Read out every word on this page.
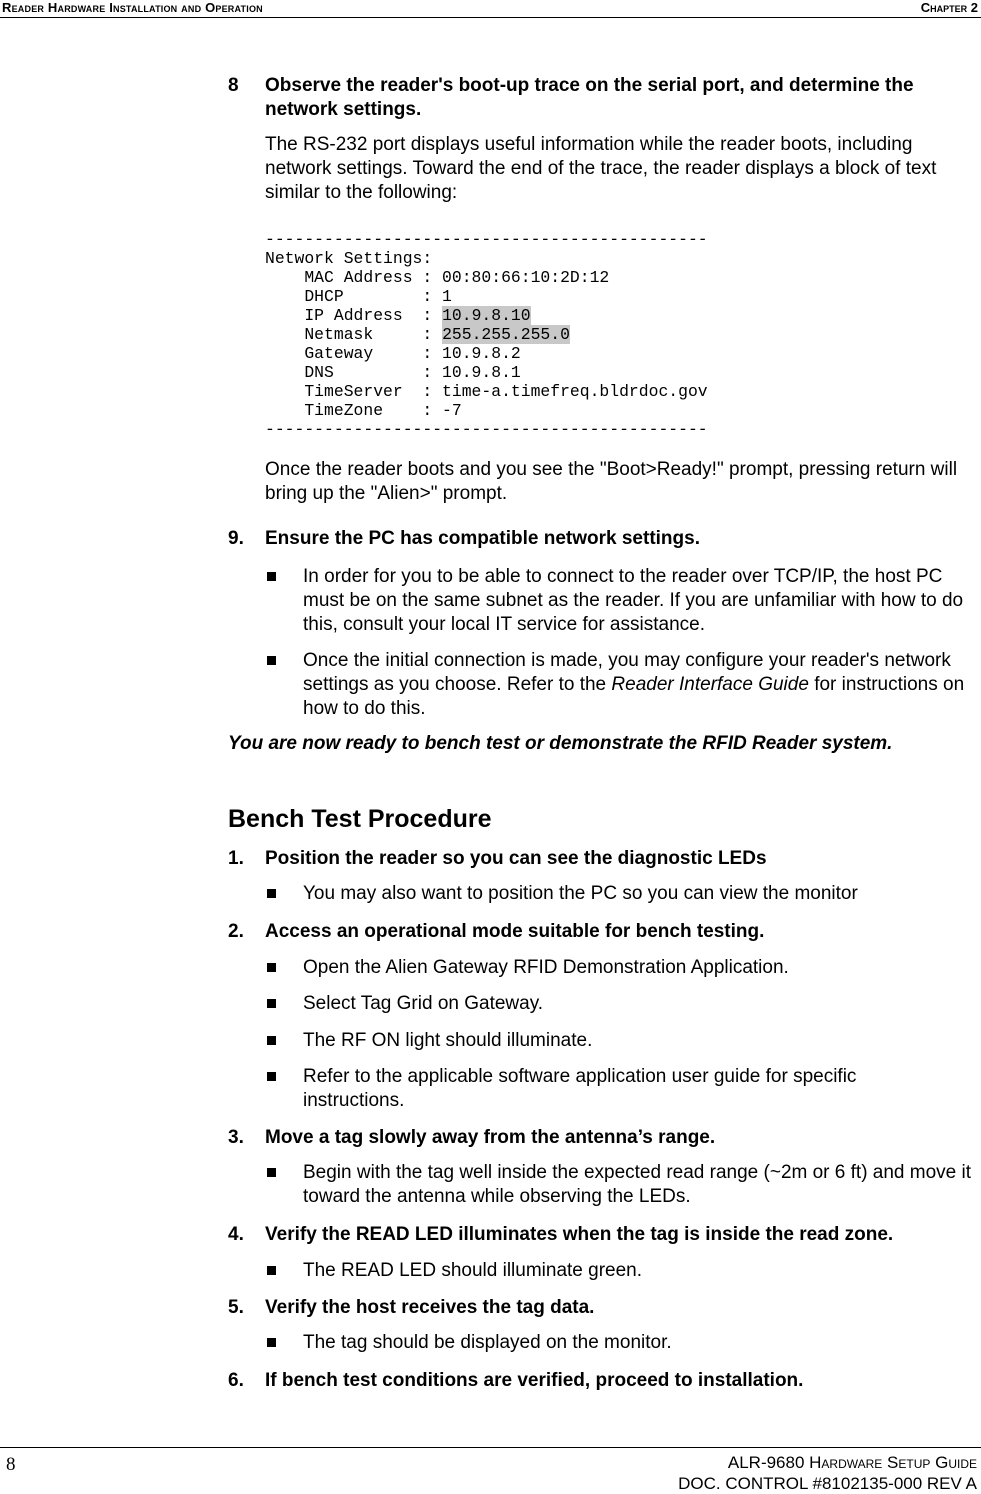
Reader Hardware Installation and Operation	Chapter 2
8 Observe the reader's boot-up trace on the serial port, and determine the network settings.
The RS-232 port displays useful information while the reader boots, including network settings. Toward the end of the trace, the reader displays a block of text similar to the following:
---------------------------------------------
Network Settings:
MAC Address : 00:80:66:10:2D:12
DHCP        : 1
IP Address  : 10.9.8.10
Netmask     : 255.255.255.0
Gateway     : 10.9.8.2
DNS         : 10.9.8.1
TimeServer  : time-a.timefreq.bldrdoc.gov
TimeZone    : -7
---------------------------------------------
Once the reader boots and you see the "Boot>Ready!" prompt, pressing return will bring up the "Alien>" prompt.
9. Ensure the PC has compatible network settings.
In order for you to be able to connect to the reader over TCP/IP, the host PC must be on the same subnet as the reader. If you are unfamiliar with how to do this, consult your local IT service for assistance.
Once the initial connection is made, you may configure your reader's network settings as you choose. Refer to the Reader Interface Guide for instructions on how to do this.
You are now ready to bench test or demonstrate the RFID Reader system.
Bench Test Procedure
1. Position the reader so you can see the diagnostic LEDs
You may also want to position the PC so you can view the monitor
2. Access an operational mode suitable for bench testing.
Open the Alien Gateway RFID Demonstration Application.
Select Tag Grid on Gateway.
The RF ON light should illuminate.
Refer to the applicable software application user guide for specific instructions.
3. Move a tag slowly away from the antenna’s range.
Begin with the tag well inside the expected read range (~2m or 6 ft) and move it toward the antenna while observing the LEDs.
4. Verify the READ LED illuminates when the tag is inside the read zone.
The READ LED should illuminate green.
5. Verify the host receives the tag data.
The tag should be displayed on the monitor.
6. If bench test conditions are verified, proceed to installation.
8	ALR-9680 Hardware Setup Guide
DOC. CONTROL #8102135-000 REV A
